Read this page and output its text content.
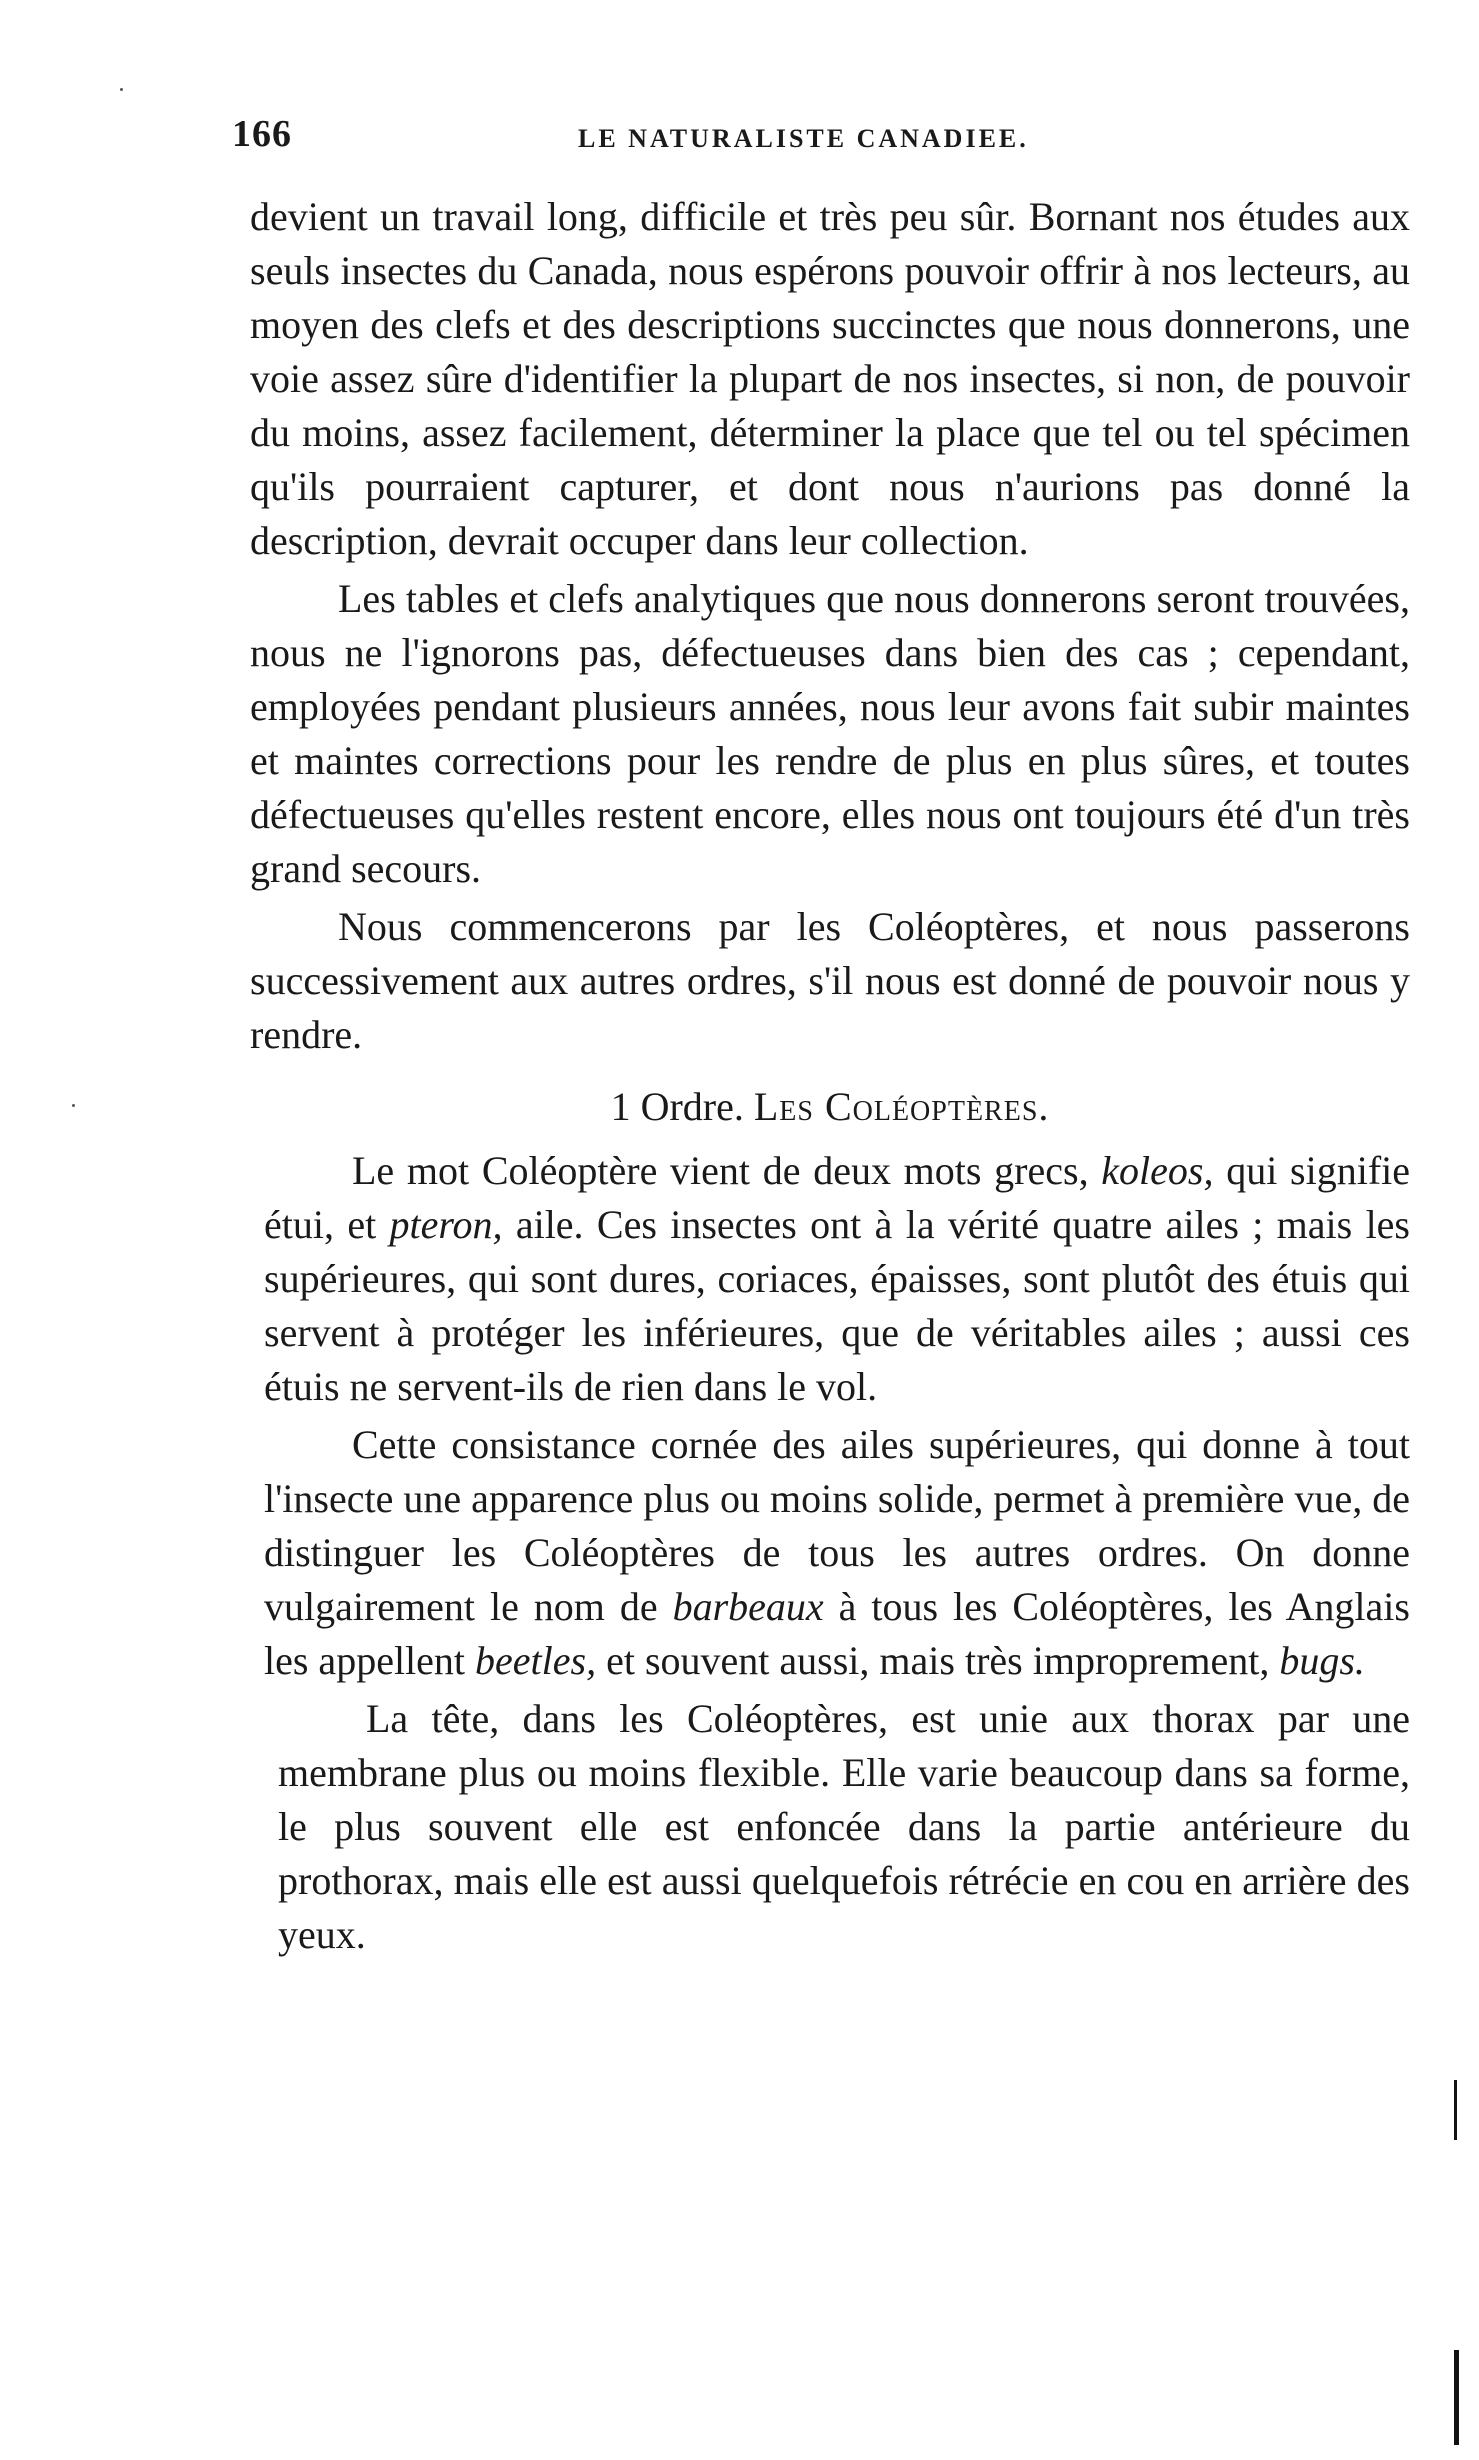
166	LE NATURALISTE CANADIEE.

devient un travail long, difficile et très peu sûr. Bornant nos études aux seuls insectes du Canada, nous espérons pouvoir offrir à nos lecteurs, au moyen des clefs et des descriptions succinctes que nous donnerons, une voie assez sûre d'identifier la plupart de nos insectes, si non, de pouvoir du moins, assez facilement, déterminer la place que tel ou tel spécimen qu'ils pourraient capturer, et dont nous n'aurions pas donné la description, devrait occuper dans leur collection.

Les tables et clefs analytiques que nous donnerons seront trouvées, nous ne l'ignorons pas, défectueuses dans bien des cas ; cependant, employées pendant plusieurs années, nous leur avons fait subir maintes et maintes corrections pour les rendre de plus en plus sûres, et toutes défectueuses qu'elles restent encore, elles nous ont toujours été d'un très grand secours.

Nous commencerons par les Coléoptères, et nous passerons successivement aux autres ordres, s'il nous est donné de pouvoir nous y rendre.

1 Ordre. Les Coléoptères.

Le mot Coléoptère vient de deux mots grecs, koleos, qui signifie étui, et pteron, aile. Ces insectes ont à la vérité quatre ailes ; mais les supérieures, qui sont dures, coriaces, épaisses, sont plutôt des étuis qui servent à protéger les inférieures, que de véritables ailes ; aussi ces étuis ne servent-ils de rien dans le vol.

Cette consistance cornée des ailes supérieures, qui donne à tout l'insecte une apparence plus ou moins solide, permet à première vue, de distinguer les Coléoptères de tous les autres ordres. On donne vulgairement le nom de barbeaux à tous les Coléoptères, les Anglais les appellent beetles, et souvent aussi, mais très improprement, bugs.

La tête, dans les Coléoptères, est unie aux thorax par une membrane plus ou moins flexible. Elle varie beaucoup dans sa forme, le plus souvent elle est enfoncée dans la partie antérieure du prothorax, mais elle est aussi quelquefois rétrécie en cou en arrière des yeux.
